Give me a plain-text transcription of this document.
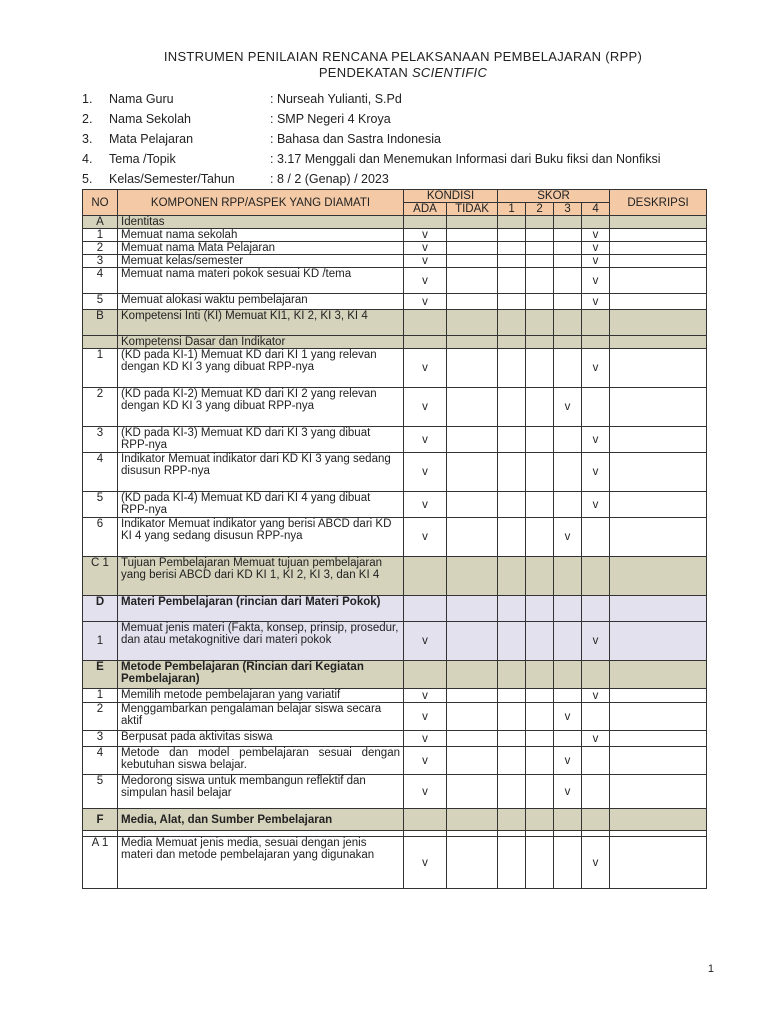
INSTRUMEN PENILAIAN RENCANA PELAKSANAAN PEMBELAJARAN (RPP)
PENDEKATAN SCIENTIFIC
1. Nama Guru	: Nurseah Yulianti, S.Pd
2. Nama Sekolah	: SMP Negeri 4 Kroya
3. Mata Pelajaran	: Bahasa dan Sastra Indonesia
4. Tema /Topik	: 3.17 Menggali dan Menemukan Informasi dari Buku fiksi dan Nonfiksi
5. Kelas/Semester/Tahun	: 8 / 2 (Genap) / 2023
NO	KOMPONEN RPP/ASPEK YANG DIAMATI	KONDISI		SKOR				DESKRIPSI
		ADA	TIDAK	1	2	3	4	
A	Identitas							
1	Memuat nama sekolah	v					v	
2	Memuat nama Mata Pelajaran	v					v	
3	Memuat kelas/semester	v					v	
4	Memuat nama materi pokok sesuai KD /tema	v					v	
5	Memuat alokasi waktu pembelajaran	v					v	
B	Kompetensi Inti (KI) Memuat KI1, KI 2, KI 3, KI 4							
	Kompetensi Dasar dan Indikator							
1	(KD pada KI-1) Memuat KD dari KI 1 yang relevan dengan KD KI 3 yang dibuat RPP-nya	v					v	
2	(KD pada KI-2) Memuat KD dari KI 2 yang relevan dengan KD KI 3 yang dibuat RPP-nya	v				v		
3	(KD pada KI-3) Memuat KD dari KI 3 yang dibuat RPP-nya	v					v	
4	Indikator Memuat indikator dari KD KI 3 yang sedang disusun RPP-nya	v					v	
5	(KD pada KI-4) Memuat KD dari KI 4 yang dibuat RPP-nya	v					v	
6	Indikator Memuat indikator yang berisi ABCD dari KD KI 4 yang sedang disusun RPP-nya	v				v		
C 1	Tujuan Pembelajaran Memuat tujuan pembelajaran yang berisi ABCD dari KD KI 1, KI 2, KI 3, dan KI 4							
D	Materi Pembelajaran (rincian dari Materi Pokok)							
1	Memuat jenis materi (Fakta, konsep, prinsip, prosedur, dan atau metakognitive dari materi pokok	v					v	
E	Metode Pembelajaran (Rincian dari Kegiatan Pembelajaran)							
1	Memilih metode pembelajaran yang variatif	v					v	
2	Menggambarkan pengalaman belajar siswa secara aktif	v				v		
3	Berpusat pada aktivitas siswa	v					v	
4	Metode dan model pembelajaran sesuai dengan kebutuhan siswa belajar.	v				v		
5	Medorong siswa untuk membangun reflektif dan simpulan hasil belajar	v				v		
F	Media, Alat, dan Sumber Pembelajaran							

A 1	Media Memuat jenis media, sesuai dengan jenis materi dan metode pembelajaran yang digunakan	v					v	
1
